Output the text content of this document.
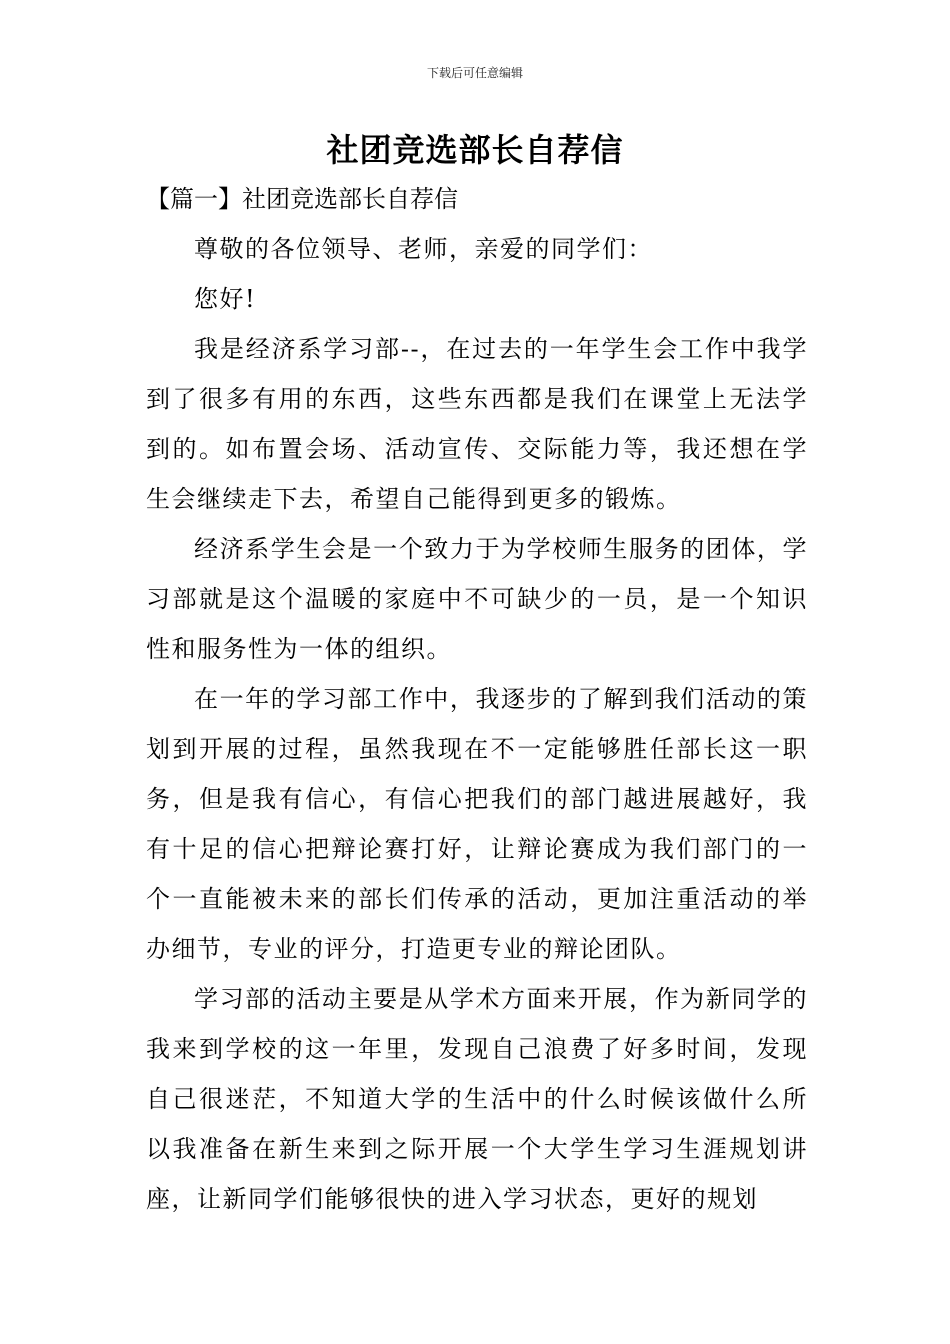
下载后可任意编辑
社团竞选部长自荐信
【篇一】社团竞选部长自荐信

尊敬的各位领导、老师，亲爱的同学们：

您好!

我是经济系学习部--，在过去的一年学生会工作中我学到了很多有用的东西，这些东西都是我们在课堂上无法学到的。如布置会场、活动宣传、交际能力等，我还想在学生会继续走下去，希望自己能得到更多的锻炼。

经济系学生会是一个致力于为学校师生服务的团体，学习部就是这个温暖的家庭中不可缺少的一员，是一个知识性和服务性为一体的组织。

在一年的学习部工作中，我逐步的了解到我们活动的策划到开展的过程，虽然我现在不一定能够胜任部长这一职务，但是我有信心，有信心把我们的部门越进展越好，我有十足的信心把辩论赛打好，让辩论赛成为我们部门的一个一直能被未来的部长们传承的活动，更加注重活动的举办细节，专业的评分，打造更专业的辩论团队。

学习部的活动主要是从学术方面来开展，作为新同学的我来到学校的这一年里，发现自己浪费了好多时间，发现自己很迷茫，不知道大学的生活中的什么时候该做什么所以我准备在新生来到之际开展一个大学生学习生涯规划讲座，让新同学们能够很快的进入学习状态，更好的规划
